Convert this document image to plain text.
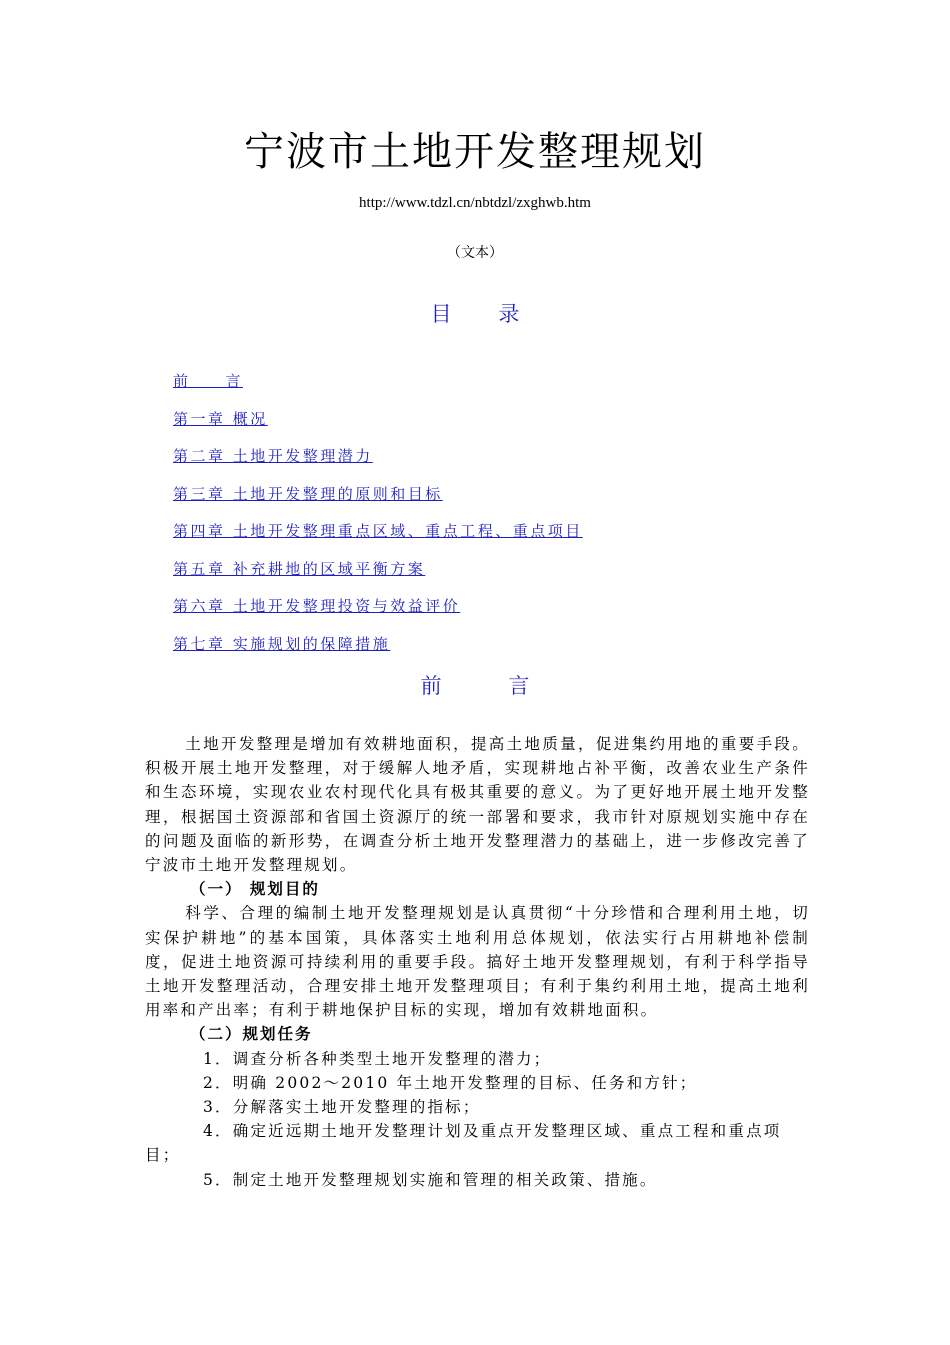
宁波市土地开发整理规划
http://www.tdzl.cn/nbtdzl/zxghwb.htm
（文本）
目 录
前　　言
第一章 概况
第二章 土地开发整理潜力
第三章 土地开发整理的原则和目标
第四章 土地开发整理重点区域、重点工程、重点项目
第五章 补充耕地的区域平衡方案
第六章 土地开发整理投资与效益评价
第七章 实施规划的保障措施
前 言

土地开发整理是增加有效耕地面积，提高土地质量，促进集约用地的重要手段。积极开展土地开发整理，对于缓解人地矛盾，实现耕地占补平衡，改善农业生产条件和生态环境，实现农业农村现代化具有极其重要的意义。为了更好地开展土地开发整理，根据国土资源部和省国土资源厅的统一部署和要求，我市针对原规划实施中存在的问题及面临的新形势，在调查分析土地开发整理潜力的基础上，进一步修改完善了宁波市土地开发整理规划。

（一） 规划目的

科学、合理的编制土地开发整理规划是认真贯彻“十分珍惜和合理利用土地，切实保护耕地”的基本国策，具体落实土地利用总体规划，依法实行占用耕地补偿制度，促进土地资源可持续利用的重要手段。搞好土地开发整理规划，有利于科学指导土地开发整理活动，合理安排土地开发整理项目；有利于集约利用土地，提高土地利用率和产出率；有利于耕地保护目标的实现，增加有效耕地面积。

（二）规划任务

1．调查分析各种类型土地开发整理的潜力；

2．明确 2002～2010 年土地开发整理的目标、任务和方针；

3．分解落实土地开发整理的指标；

4．确定近远期土地开发整理计划及重点开发整理区域、重点工程和重点项目；

5．制定土地开发整理规划实施和管理的相关政策、措施。
